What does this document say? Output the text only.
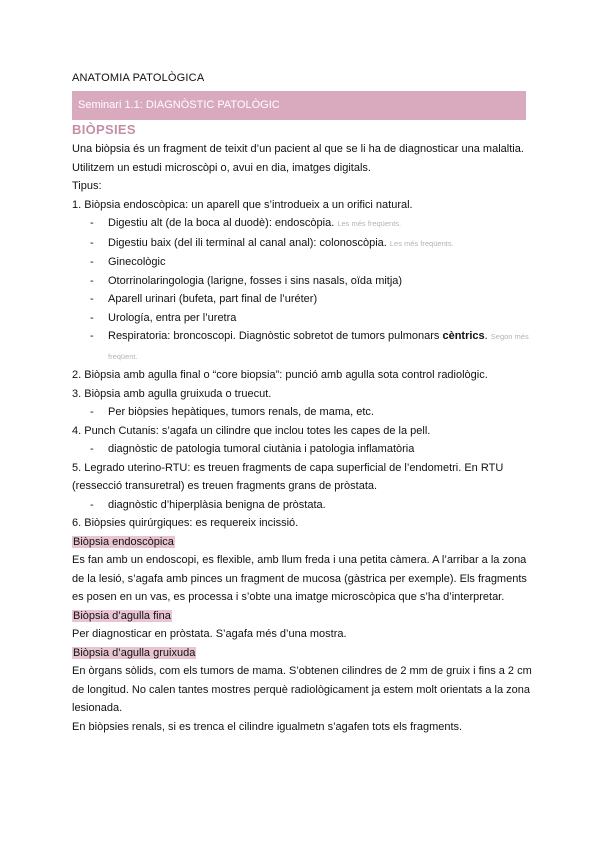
ANATOMIA PATOLÒGICA
Seminari 1.1: DIAGNÒSTIC PATOLÒGIC
BIÒPSIES

Una biòpsia és un fragment de teixit d’un pacient al que se li ha de diagnosticar una malaltia. Utilitzem un estudi microscòpi o, avui en dia, imatges digitals.

Tipus:

1. Biòpsia endoscòpica: un aparell que s’introdueix a un orifici natural.

- Digestiu alt (de la boca al duodè): endoscòpia. Les més freqüents.
- Digestiu baix (del ili terminal al canal anal): colonoscòpia. Les més freqüents.
- Ginecològic
- Otorrinolaringologia (larigne, fosses i sins nasals, oïda mitja)
- Aparell urinari (bufeta, part final de l’uréter)
- Urología, entra per l’uretra
- Respiratoria: broncoscopi. Diagnòstic sobretot de tumors pulmonars cèntrics. Segon més freqüent.

2. Biòpsia amb agulla final o “core biopsia”: punció amb agulla sota control radiològic.

3. Biòpsia amb agulla gruixuda o truecut.

- Per biòpsies hepàtiques, tumors renals, de mama, etc.

4. Punch Cutanis: s’agafa un cilindre que inclou totes les capes de la pell.

- diagnòstic de patologia tumoral ciutània i patologia inflamatòria

5. Legrado uterino-RTU: es treuen fragments de capa superficial de l’endometri. En RTU (ressecció transuretral) es treuen fragments grans de pròstata.

- diagnòstic d’hiperplàsia benigna de pròstata.

6. Biòpsies quirúrgiques: es requereix incissió.

Biòpsia endoscòpica

Es fan amb un endoscopi, es flexible, amb llum freda i una petita càmera. A l’arribar a la zona de la lesió, s’agafa amb pinces un fragment de mucosa (gàstrica per exemple). Els fragments es posen en un vas, es processa i s’obte una imatge microscòpica que s’ha d’interpretar.

Biòpsia d’agulla fina

Per diagnosticar en pròstata. S’agafa més d’una mostra.

Biòpsia d’agulla gruixuda

En òrgans sòlids, com els tumors de mama. S’obtenen cilindres de 2 mm de gruix i fins a 2 cm de longitud. No calen tantes mostres perquè radiològicament ja estem molt orientats a la zona lesionada.

En biòpsies renals, si es trenca el cilindre igualmetn s’agafen tots els fragments.
